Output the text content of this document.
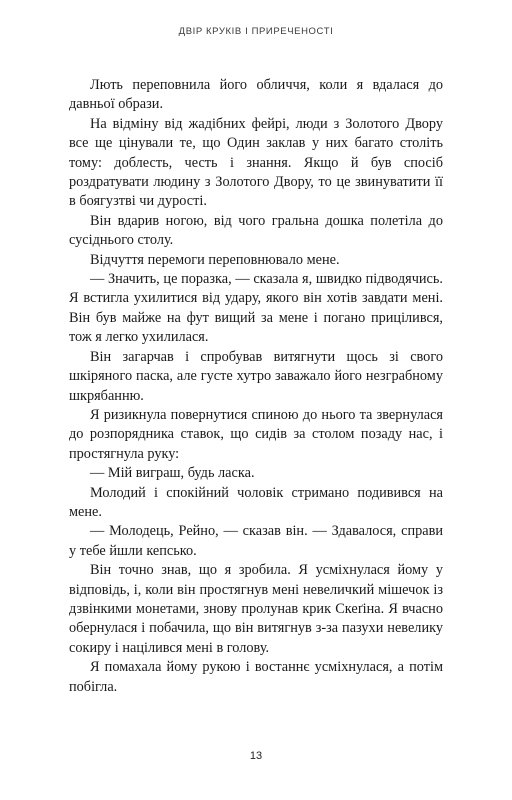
ДВІР КРУКІВ І ПРИРЕЧЕНОСТІ

Лють переповнила його обличчя, коли я вдалася до давньої образи.

На відміну від жадібних фейрі, люди з Золотого Двору все ще цінували те, що Один заклав у них багато століть тому: доблесть, честь і знання. Якщо й був спосіб роздратувати людину з Золотого Двору, то це звинуватити її в боягузтві чи дурості.

Він вдарив ногою, від чого гральна дошка полетіла до сусіднього столу.

Відчуття перемоги переповнювало мене.

— Значить, це поразка, — сказала я, швидко підводячись. Я встигла ухилитися від удару, якого він хотів завдати мені. Він був майже на фут вищий за мене і погано прицілився, тож я легко ухилилася.

Він загарчав і спробував витягнути щось зі свого шкіряного паска, але густе хутро заважало його незграбному шкрябанню.

Я ризикнула повернутися спиною до нього та звернулася до розпорядника ставок, що сидів за столом позаду нас, і простягнула руку:

— Мій виграш, будь ласка.

Молодий і спокійний чоловік стримано подивився на мене.

— Молодець, Рейно, — сказав він. — Здавалося, справи у тебе йшли кепсько.

Він точно знав, що я зробила. Я усміхнулася йому у відповідь, і, коли він простягнув мені невеличкий мішечок із дзвінкими монетами, знову пролунав крик Скеґіна. Я вчасно обернулася і побачила, що він витягнув з-за пазухи невелику сокиру і націлився мені в голову.

Я помахала йому рукою і востаннє усміхнулася, а потім побігла.

13
